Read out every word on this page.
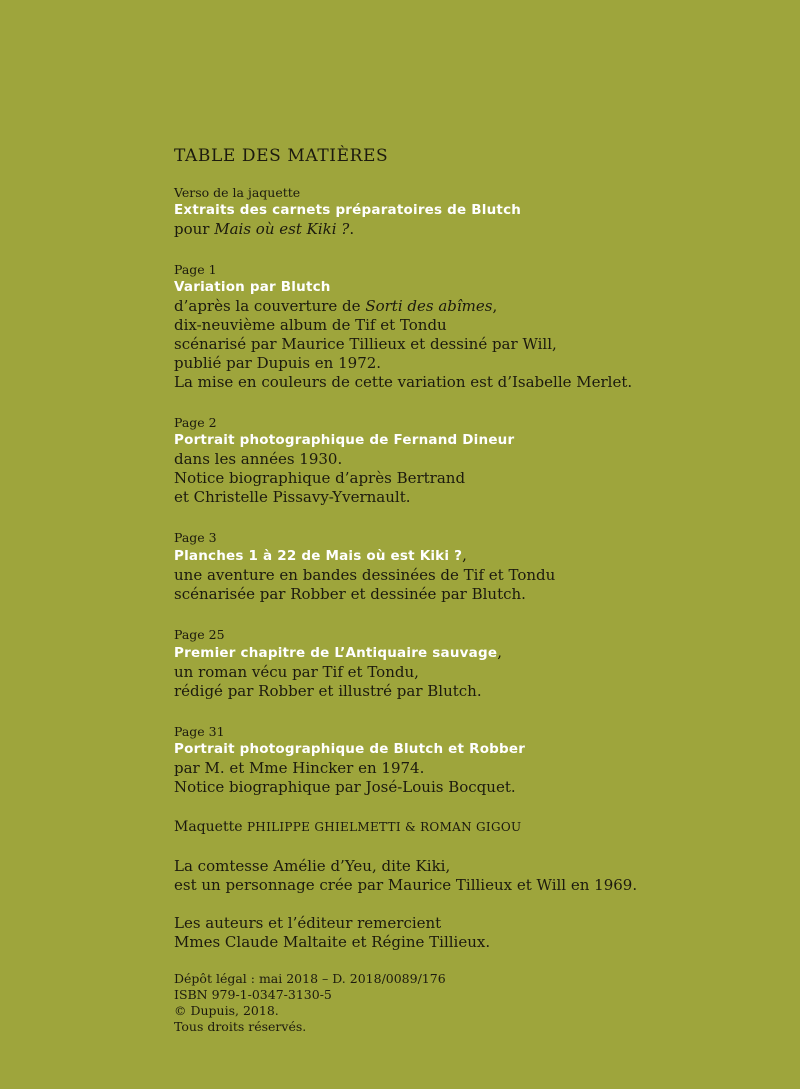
TABLE DES MATIÈRES
Verso de la jaquette
Extraits des carnets préparatoires de Blutch
pour Mais où est Kiki ?.
Page 1
Variation par Blutch
d’après la couverture de Sorti des abîmes,
dix-neuvième album de Tif et Tondu
scénarisé par Maurice Tillieux et dessiné par Will,
publié par Dupuis en 1972.
La mise en couleurs de cette variation est d’Isabelle Merlet.
Page 2
Portrait photographique de Fernand Dineur
dans les années 1930.
Notice biographique d’après Bertrand
et Christelle Pissavy-Yvernault.
Page 3
Planches 1 à 22 de Mais où est Kiki ?,
une aventure en bandes dessinées de Tif et Tondu
scénarisée par Robber et dessinée par Blutch.
Page 25
Premier chapitre de L’Antiquaire sauvage,
un roman vécu par Tif et Tondu,
rédigé par Robber et illustré par Blutch.
Page 31
Portrait photographique de Blutch et Robber
par M. et Mme Hincker en 1974.
Notice biographique par José-Louis Bocquet.
Maquette PHILIPPE GHIELMETTI & ROMAN GIGOU
La comtesse Amélie d’Yeu, dite Kiki,
est un personnage crée par Maurice Tillieux et Will en 1969.
Les auteurs et l’éditeur remercient
Mmes Claude Maltaite et Régine Tillieux.
Dépôt légal : mai 2018 – D. 2018/0089/176
ISBN 979-1-0347-3130-5
© Dupuis, 2018.
Tous droits réservés.
